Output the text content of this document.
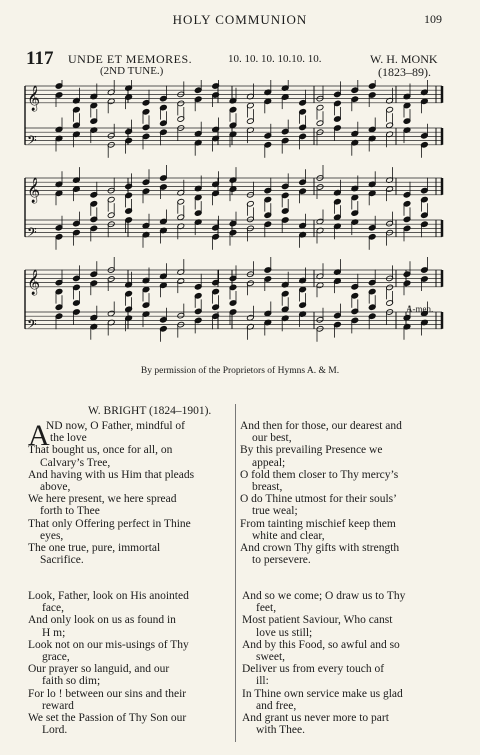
HOLY COMMUNION	109
117 UNDE ET MEMORES.
(2ND TUNE.)
10. 10. 10. 10.10. 10.	W. H. MONK
(1823–89).
𝄞
𝄢
𝄞
𝄢
𝄞
𝄢
A-men.
By permission of the Proprietors of Hymns A. & M.
W. BRIGHT (1824–1901).
A
ND now, O Father, mindful of
the love
That bought us, once for all, on
Calvary’s Tree,
And having with us Him that pleads
above,
We here present, we here spread
forth to Thee
That only Offering perfect in Thine
eyes,
The one true, pure, immortal
Sacrifice.
And then for those, our dearest and
our best,
By this prevailing Presence we
appeal;
O fold them closer to Thy mercy’s
breast,
O do Thine utmost for their souls’
true weal;
From tainting mischief keep them
white and clear,
And crown Thy gifts with strength
to persevere.
Look, Father, look on His anointed
face,
And only look on us as found in
H m;
Look not on our mis-usings of Thy
grace,
Our prayer so languid, and our
faith so dim;
For lo ! between our sins and their
reward
We set the Passion of Thy Son our
Lord.
And so we come; O draw us to Thy
feet,
Most patient Saviour, Who canst
love us still;
And by this Food, so awful and so
sweet,
Deliver us from every touch of
ill:
In Thine own service make us glad
and free,
And grant us never more to part
with Thee.
